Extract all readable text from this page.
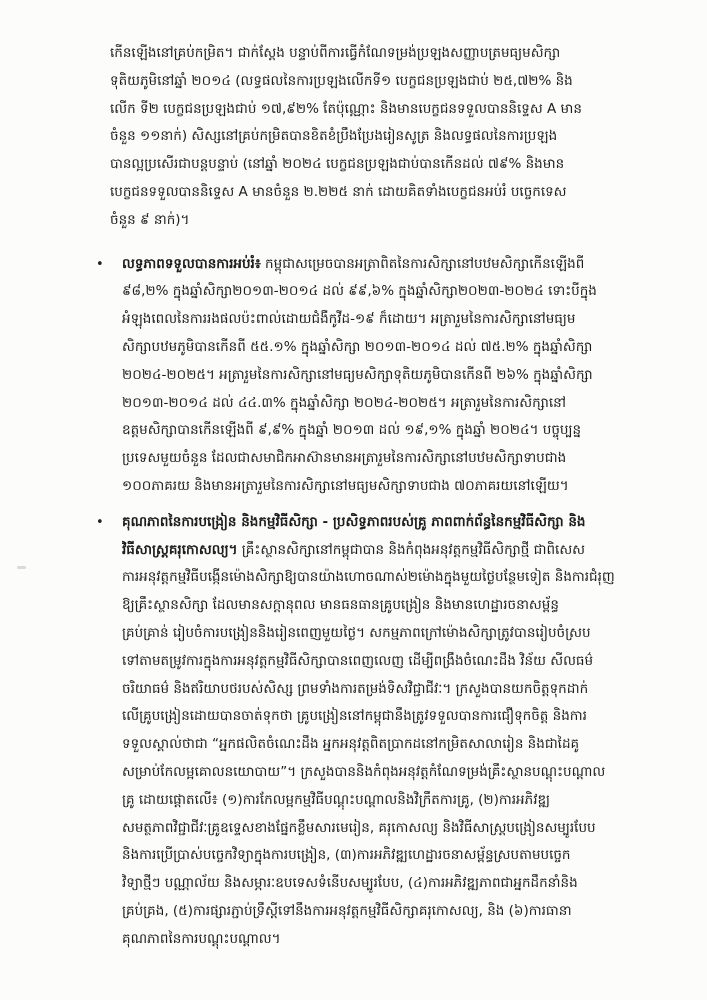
កើនឡើងនៅគ្រប់កម្រិត។ ជាក់ស្តែង បន្ទាប់ពីការធ្វើកំណែទម្រង់ប្រឡងសញ្ញាបត្រមធ្យមសិក្សា
ទុតិយភូមិនៅឆ្នាំ ២០១៤ (លទ្ធផលនៃការប្រឡងលើកទី១ បេក្ខជនប្រឡងជាប់ ២៥,៧២% និង
លើក ទី២ បេក្ខជនប្រឡងជាប់ ១៧,៩២% តែប៉ុណ្ណោះ និងមានបេក្ខជនទទួលបាននិទ្ទេស A មាន
ចំនួន ១១នាក់) សិស្សនៅគ្រប់កម្រិតបានខិតខំប្រឹងប្រែងរៀនសូត្រ និងលទ្ធផលនៃការប្រឡង
បានល្អប្រសើរជាបន្តបន្ទាប់ (នៅឆ្នាំ ២០២៤ បេក្ខជនប្រឡងជាប់បានកើនដល់ ៧៩% និងមាន
បេក្ខជនទទួលបាននិទ្ទេស A មានចំនួន ២.២២៥ នាក់ ដោយគិតទាំងបេក្ខជនអប់រំ បច្ចេកទេស
ចំនួន ៩ នាក់)។
• លទ្ធភាពទទួលបានការអប់រំ៖ កម្ពុជាសម្រេចបានអត្រាពិតនៃការសិក្សានៅបឋមសិក្សាកើនឡើងពី
៩៨,២% ក្នុងឆ្នាំសិក្សា២០១៣-២០១៤ ដល់ ៩៩,៦% ក្នុងឆ្នាំសិក្សា២០២៣-២០២៤ ទោះបីក្នុង
អំឡុងពេលនៃការរងផលប៉ះពាល់ដោយជំងឺកូវីដ-១៩ ក៏ដោយ។ អត្រារួមនៃការសិក្សានៅមធ្យម
សិក្សាបឋមភូមិបានកើនពី ៥៥.១% ក្នុងឆ្នាំសិក្សា ២០១៣-២០១៤ ដល់ ៧៥.២% ក្នុងឆ្នាំសិក្សា
២០២៤-២០២៥។ អត្រារួមនៃការសិក្សានៅមធ្យមសិក្សាទុតិយភូមិបានកើនពី ២៦% ក្នុងឆ្នាំសិក្សា
២០១៣-២០១៤ ដល់ ៤៤.៣% ក្នុងឆ្នាំសិក្សា ២០២៤-២០២៥។ អត្រារួមនៃការសិក្សានៅ
ឧត្តមសិក្សាបានកើនឡើងពី ៩,៩% ក្នុងឆ្នាំ ២០១៣ ដល់ ១៩,១% ក្នុងឆ្នាំ ២០២៤។ បច្ចុប្បន្ន
ប្រទេសមួយចំនួន ដែលជាសមាជិកអាស៊ានមានអត្រារួមនៃការសិក្សានៅបឋមសិក្សាទាបជាង
១០០ភាគរយ និងមានអត្រារួមនៃការសិក្សានៅមធ្យមសិក្សាទាបជាង ៧០ភាគរយនៅឡើយ។
• គុណភាពនៃការបង្រៀន និងកម្មវិធីសិក្សា - ប្រសិទ្ធភាពរបស់គ្រូ ភាពពាក់ព័ន្ធនៃកម្មវិធីសិក្សា និង
វិធីសាស្ត្រគរុកោសល្យ។ គ្រឹះស្ថានសិក្សានៅកម្ពុជាបាន និងកំពុងអនុវត្តកម្មវិធីសិក្សាថ្មី ជាពិសេស
ការអនុវត្តកម្មវិធីបង្កើនម៉ោងសិក្សាឱ្យបានយ៉ាងហោចណាស់២ម៉ោងក្នុងមួយថ្ងៃបន្ថែមទៀត និងការជំរុញ
ឱ្យគ្រឹះស្ថានសិក្សា ដែលមានសក្តានុពល មានធនធានគ្រូបង្រៀន និងមានហេដ្ឋារចនាសម្ព័ន្ធ
គ្រប់គ្រាន់ រៀបចំការបង្រៀននិងរៀនពេញមួយថ្ងៃ។ សកម្មភាពក្រៅម៉ោងសិក្សាត្រូវបានរៀបចំស្រប
ទៅតាមតម្រូវការក្នុងការអនុវត្តកម្មវិធីសិក្សាបានពេញលេញ ដើម្បីពង្រឹងចំណេះដឹង វិន័យ សីលធម៌
ចរិយាធម៌ និងឥរិយាបថរបស់សិស្ស ព្រមទាំងការតម្រង់ទិសវិជ្ជាជីវៈ។ ក្រសួងបានយកចិត្តទុកដាក់
លើគ្រូបង្រៀនដោយបានចាត់ទុកថា គ្រូបង្រៀននៅកម្ពុជានឹងត្រូវទទួលបានការជឿទុកចិត្ត និងការ
ទទួលស្គាល់ថាជា “អ្នកផលិតចំណេះដឹង អ្នកអនុវត្តពិតប្រាកដនៅកម្រិតសាលារៀន និងជាដៃគូ
សម្រាប់កែលម្អគោលនយោបាយ”។ ក្រសួងបាននិងកំពុងអនុវត្តកំណែទម្រង់គ្រឹះស្ថានបណ្តុះបណ្តាល
គ្រូ ដោយផ្តោតលើ៖ (១)ការកែលម្អកម្មវិធីបណ្តុះបណ្តាលនិងវិក្រឹតការគ្រូ, (២)ការអភិវឌ្ឍ
សមត្ថភាពវិជ្ជាជីវៈគ្រូឧទ្ទេសខាងផ្នែកខ្លឹមសារមេរៀន, គរុកោសល្យ និងវិធីសាស្ត្របង្រៀនសម្បូរបែប
និងការប្រើប្រាស់បច្ចេកវិទ្យាក្នុងការបង្រៀន, (៣)ការអភិវឌ្ឍហេដ្ឋារចនាសម្ព័ន្ធស្របតាមបច្ចេក
វិទ្យាថ្មីៗ បណ្ណាល័យ និងសម្ភារៈឧបទេសទំនើបសម្បូរបែប, (៤)ការអភិវឌ្ឍភាពជាអ្នកដឹកនាំនិង
គ្រប់គ្រង, (៥)ការផ្សារភ្ជាប់ទ្រឹស្តីទៅនឹងការអនុវត្តកម្មវិធីសិក្សាគរុកោសល្យ, និង (៦)ការធានា
គុណភាពនៃការបណ្តុះបណ្តាល។
